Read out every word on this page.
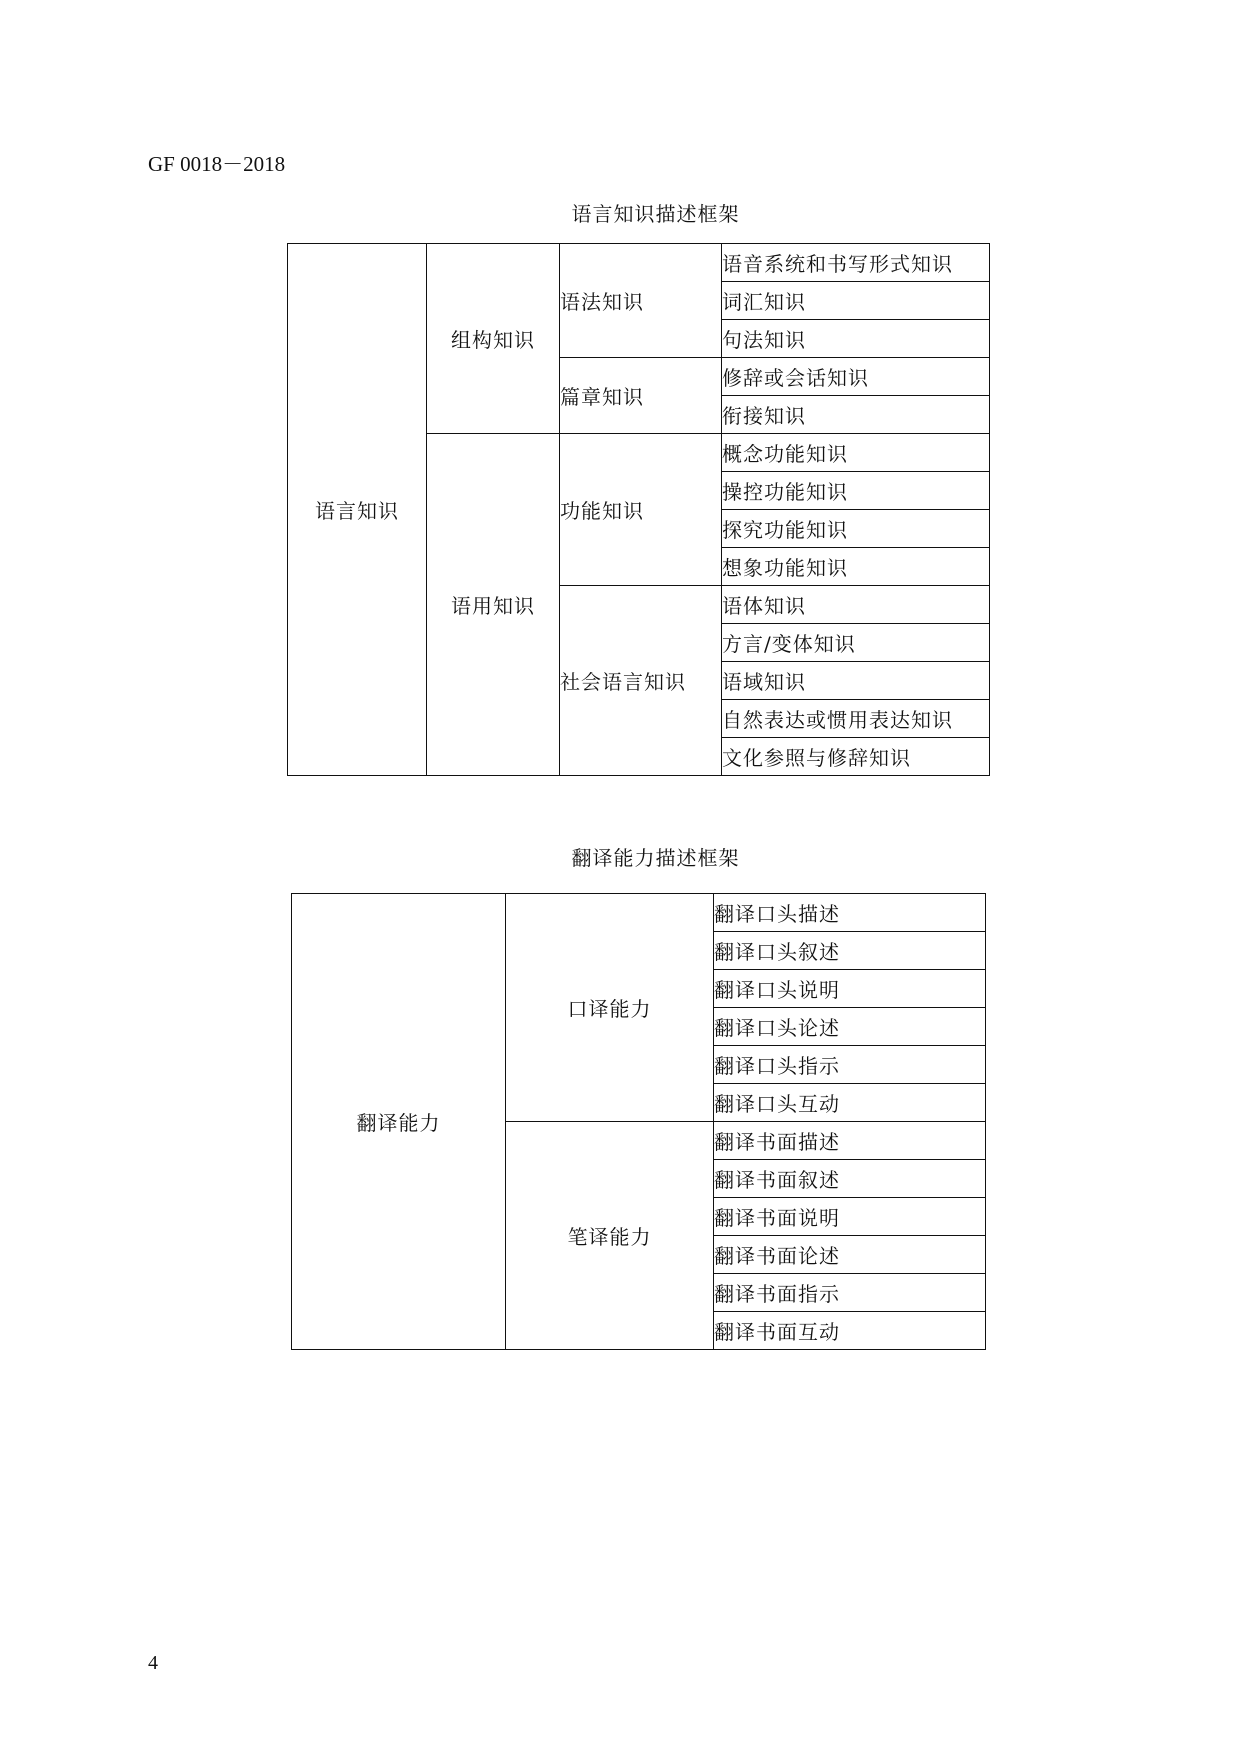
GF 0018－2018
语言知识描述框架
语言知识	组构知识	语法知识	语音系统和书写形式知识
			词汇知识
			句法知识
		篇章知识	修辞或会话知识
			衔接知识
	语用知识	功能知识	概念功能知识
			操控功能知识
			探究功能知识
			想象功能知识
		社会语言知识	语体知识
			方言/变体知识
			语域知识
			自然表达或惯用表达知识
			文化参照与修辞知识
翻译能力描述框架
翻译能力	口译能力	翻译口头描述
		翻译口头叙述
		翻译口头说明
		翻译口头论述
		翻译口头指示
		翻译口头互动
	笔译能力	翻译书面描述
		翻译书面叙述
		翻译书面说明
		翻译书面论述
		翻译书面指示
		翻译书面互动
4
